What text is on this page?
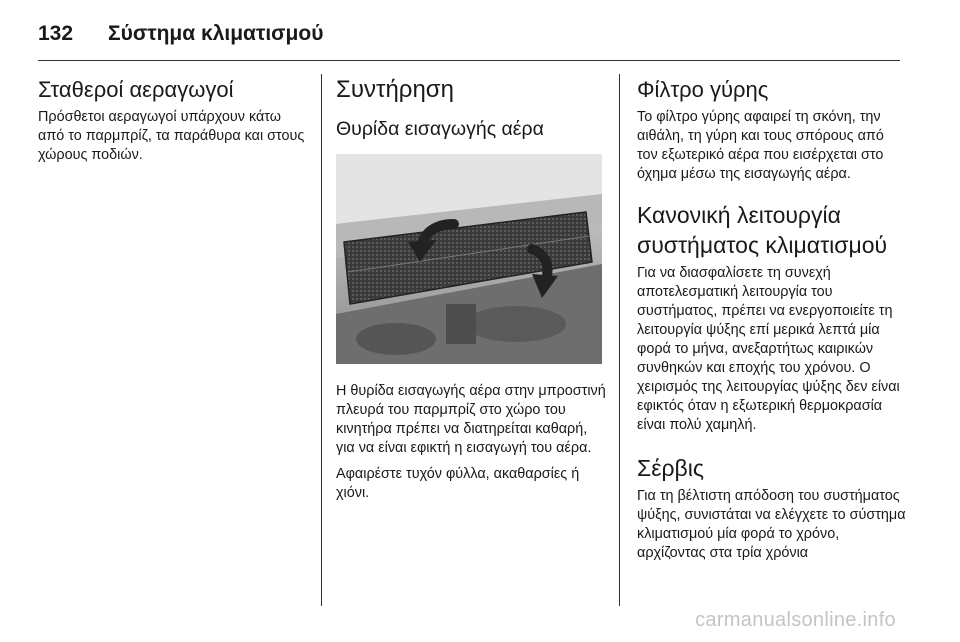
132 Σύστημα κλιματισμού
Σταθεροί αεραγωγοί

Πρόσθετοι αεραγωγοί υπάρχουν κάτω από το παρμπρίζ, τα παράθυρα και στους χώρους ποδιών.

Συντήρηση
Θυρίδα εισαγωγής αέρα

Η θυρίδα εισαγωγής αέρα στην μπροστινή πλευρά του παρμπρίζ στο χώρο του κινητήρα πρέπει να διατηρείται καθαρή, για να είναι εφικτή η εισαγωγή του αέρα.

Αφαιρέστε τυχόν φύλλα, ακαθαρσίες ή χιόνι.

Φίλτρο γύρης

Το φίλτρο γύρης αφαιρεί τη σκόνη, την αιθάλη, τη γύρη και τους σπόρους από τον εξωτερικό αέρα που εισέρχεται στο όχημα μέσω της εισαγωγής αέρα.

Κανονική λειτουργία
συστήματος κλιματισμού

Για να διασφαλίσετε τη συνεχή αποτελεσματική λειτουργία του συστήματος, πρέπει να ενεργοποιείτε τη λειτουργία ψύξης επί μερικά λεπτά μία φορά το μήνα, ανεξαρτήτως καιρικών συνθηκών και εποχής του χρόνου. Ο χειρισμός της λειτουργίας ψύξης δεν είναι εφικτός όταν η εξωτερική θερμοκρασία είναι πολύ χαμηλή.

Σέρβις

Για τη βέλτιστη απόδοση του συστήματος ψύξης, συνιστάται να ελέγχετε το σύστημα κλιματισμού μία φορά το χρόνο, αρχίζοντας στα τρία χρόνια

carmanualsonline.info
